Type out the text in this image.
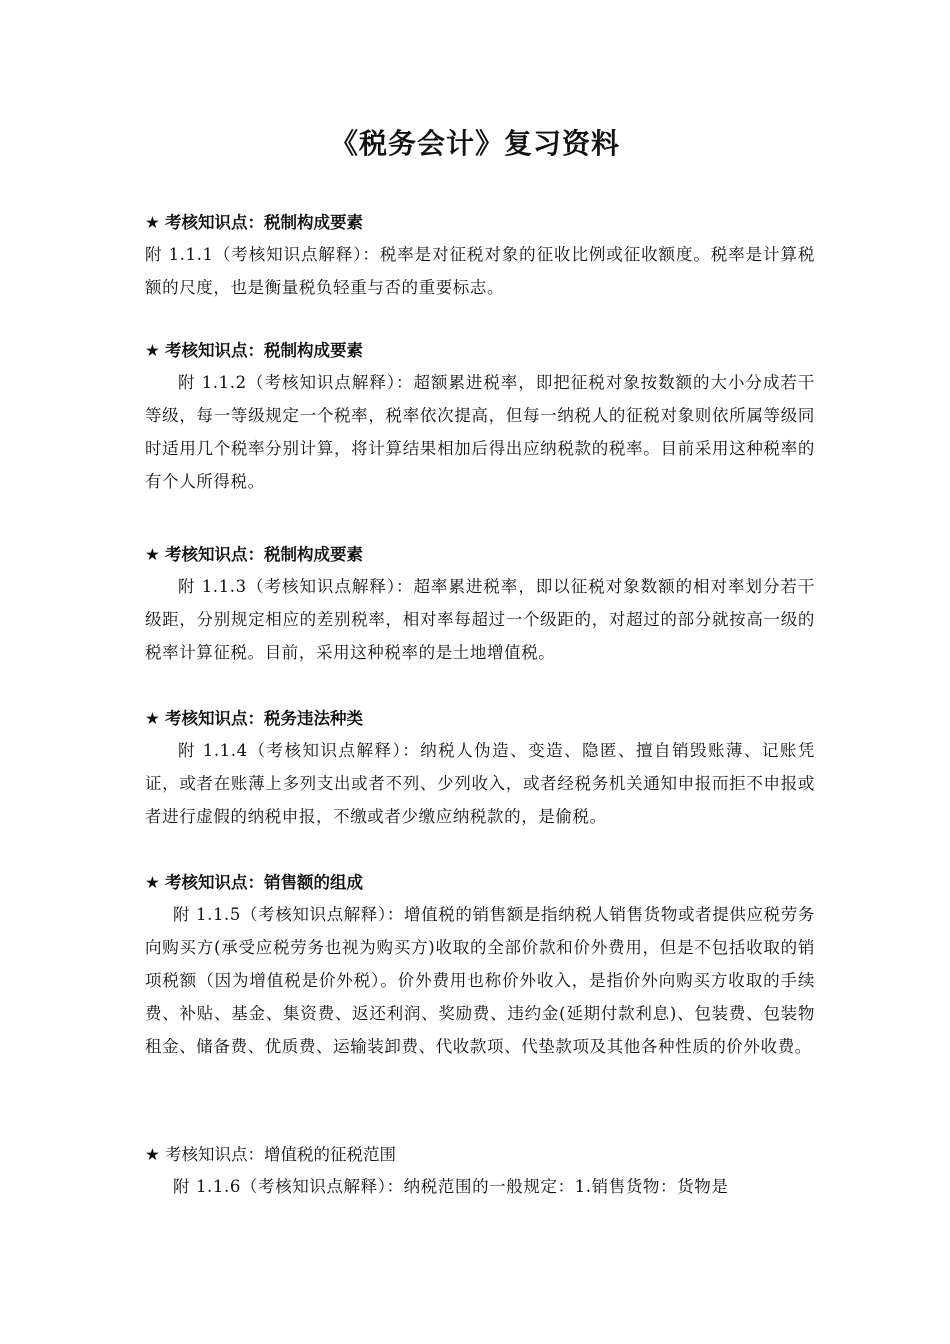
《税务会计》复习资料
★ 考核知识点：税制构成要素
附 1.1.1（考核知识点解释）：税率是对征税对象的征收比例或征收额度。税率是计算税额的尺度，也是衡量税负轻重与否的重要标志。
★ 考核知识点：税制构成要素
附 1.1.2（考核知识点解释）：超额累进税率，即把征税对象按数额的大小分成若干等级，每一等级规定一个税率，税率依次提高，但每一纳税人的征税对象则依所属等级同时适用几个税率分别计算，将计算结果相加后得出应纳税款的税率。目前采用这种税率的有个人所得税。
★ 考核知识点：税制构成要素
附 1.1.3（考核知识点解释）：超率累进税率，即以征税对象数额的相对率划分若干级距，分别规定相应的差别税率，相对率每超过一个级距的，对超过的部分就按高一级的税率计算征税。目前，采用这种税率的是土地增值税。
★ 考核知识点：税务违法种类
附 1.1.4（考核知识点解释）：纳税人伪造、变造、隐匿、擅自销毁账薄、记账凭证，或者在账薄上多列支出或者不列、少列收入，或者经税务机关通知申报而拒不申报或者进行虚假的纳税申报，不缴或者少缴应纳税款的，是偷税。
★ 考核知识点：销售额的组成
附 1.1.5（考核知识点解释）：增值税的销售额是指纳税人销售货物或者提供应税劳务向购买方(承受应税劳务也视为购买方)收取的全部价款和价外费用，但是不包括收取的销项税额（因为增值税是价外税）。价外费用也称价外收入，是指价外向购买方收取的手续费、补贴、基金、集资费、返还利润、奖励费、违约金(延期付款利息)、包装费、包装物租金、储备费、优质费、运输装卸费、代收款项、代垫款项及其他各种性质的价外收费。
★ 考核知识点：增值税的征税范围
附 1.1.6（考核知识点解释）：纳税范围的一般规定：1.销售货物：货物是
